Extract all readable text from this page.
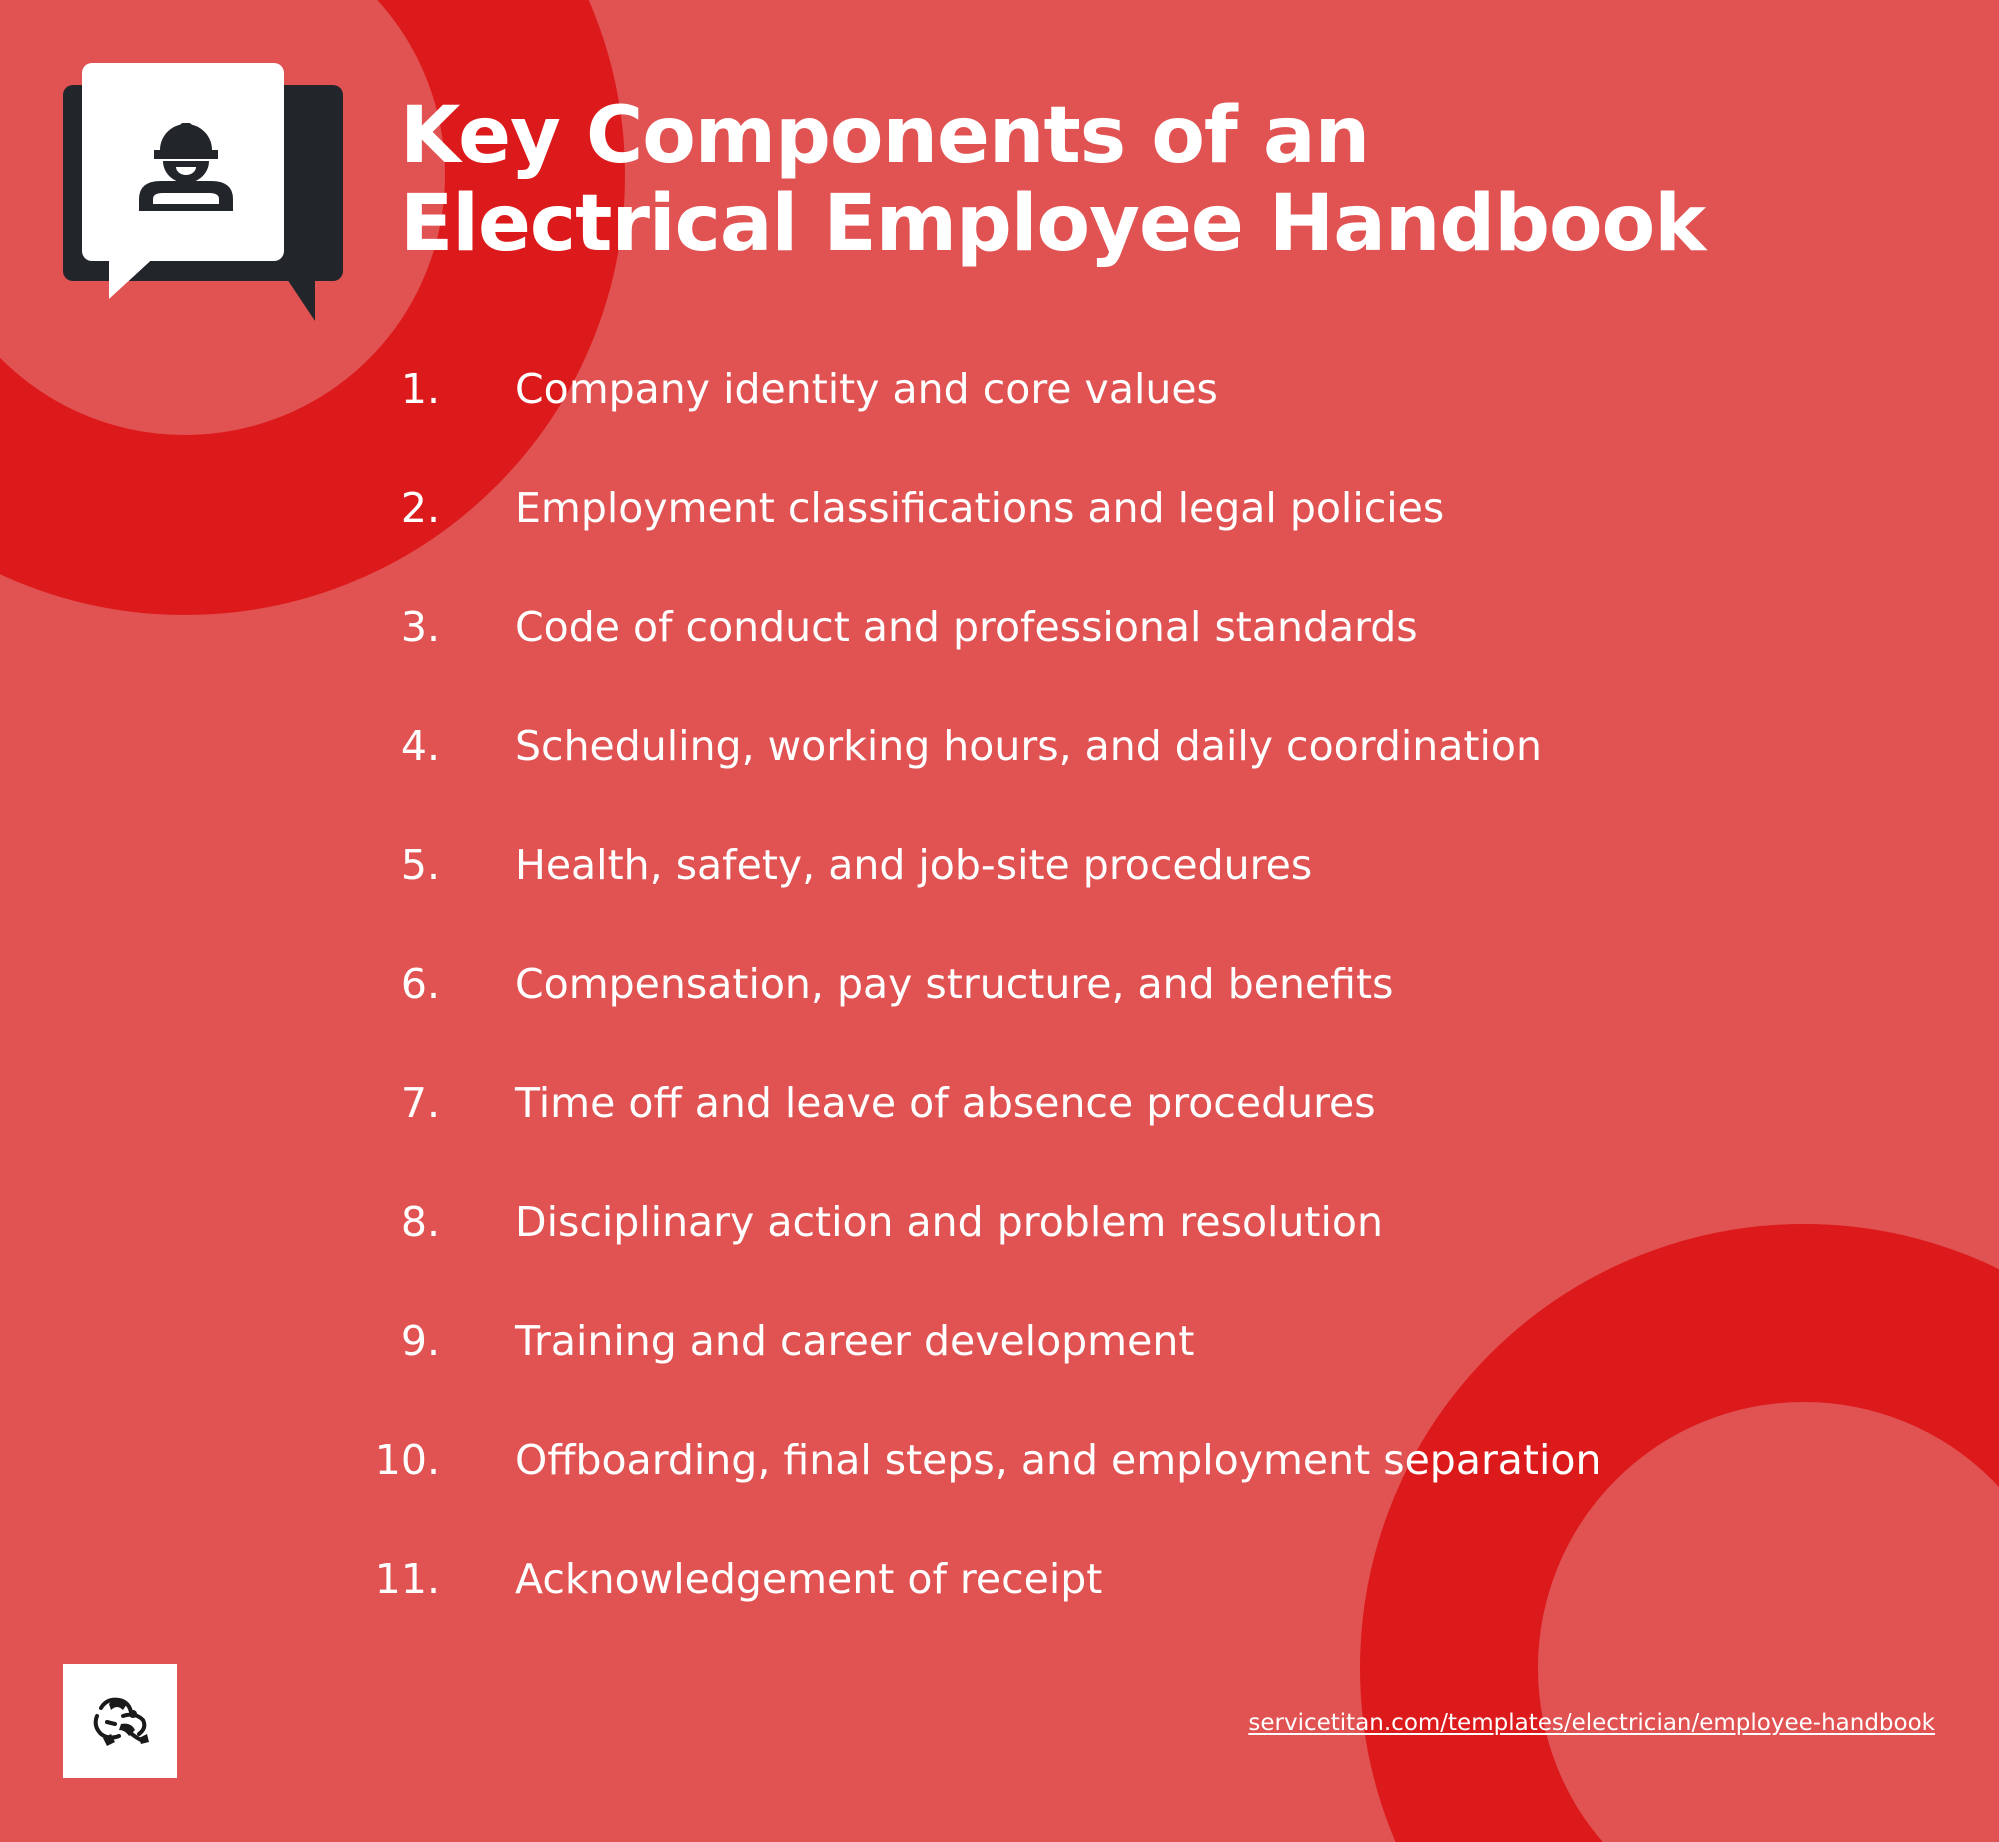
Key Components of an
Electrical Employee Handbook
1. Company identity and core values
2. Employment classifications and legal policies
3. Code of conduct and professional standards
4. Scheduling, working hours, and daily coordination
5. Health, safety, and job-site procedures
6. Compensation, pay structure, and benefits
7. Time off and leave of absence procedures
8. Disciplinary action and problem resolution
9. Training and career development
10. Offboarding, final steps, and employment separation
11. Acknowledgement of receipt
servicetitan.com/templates/electrician/employee-handbook
